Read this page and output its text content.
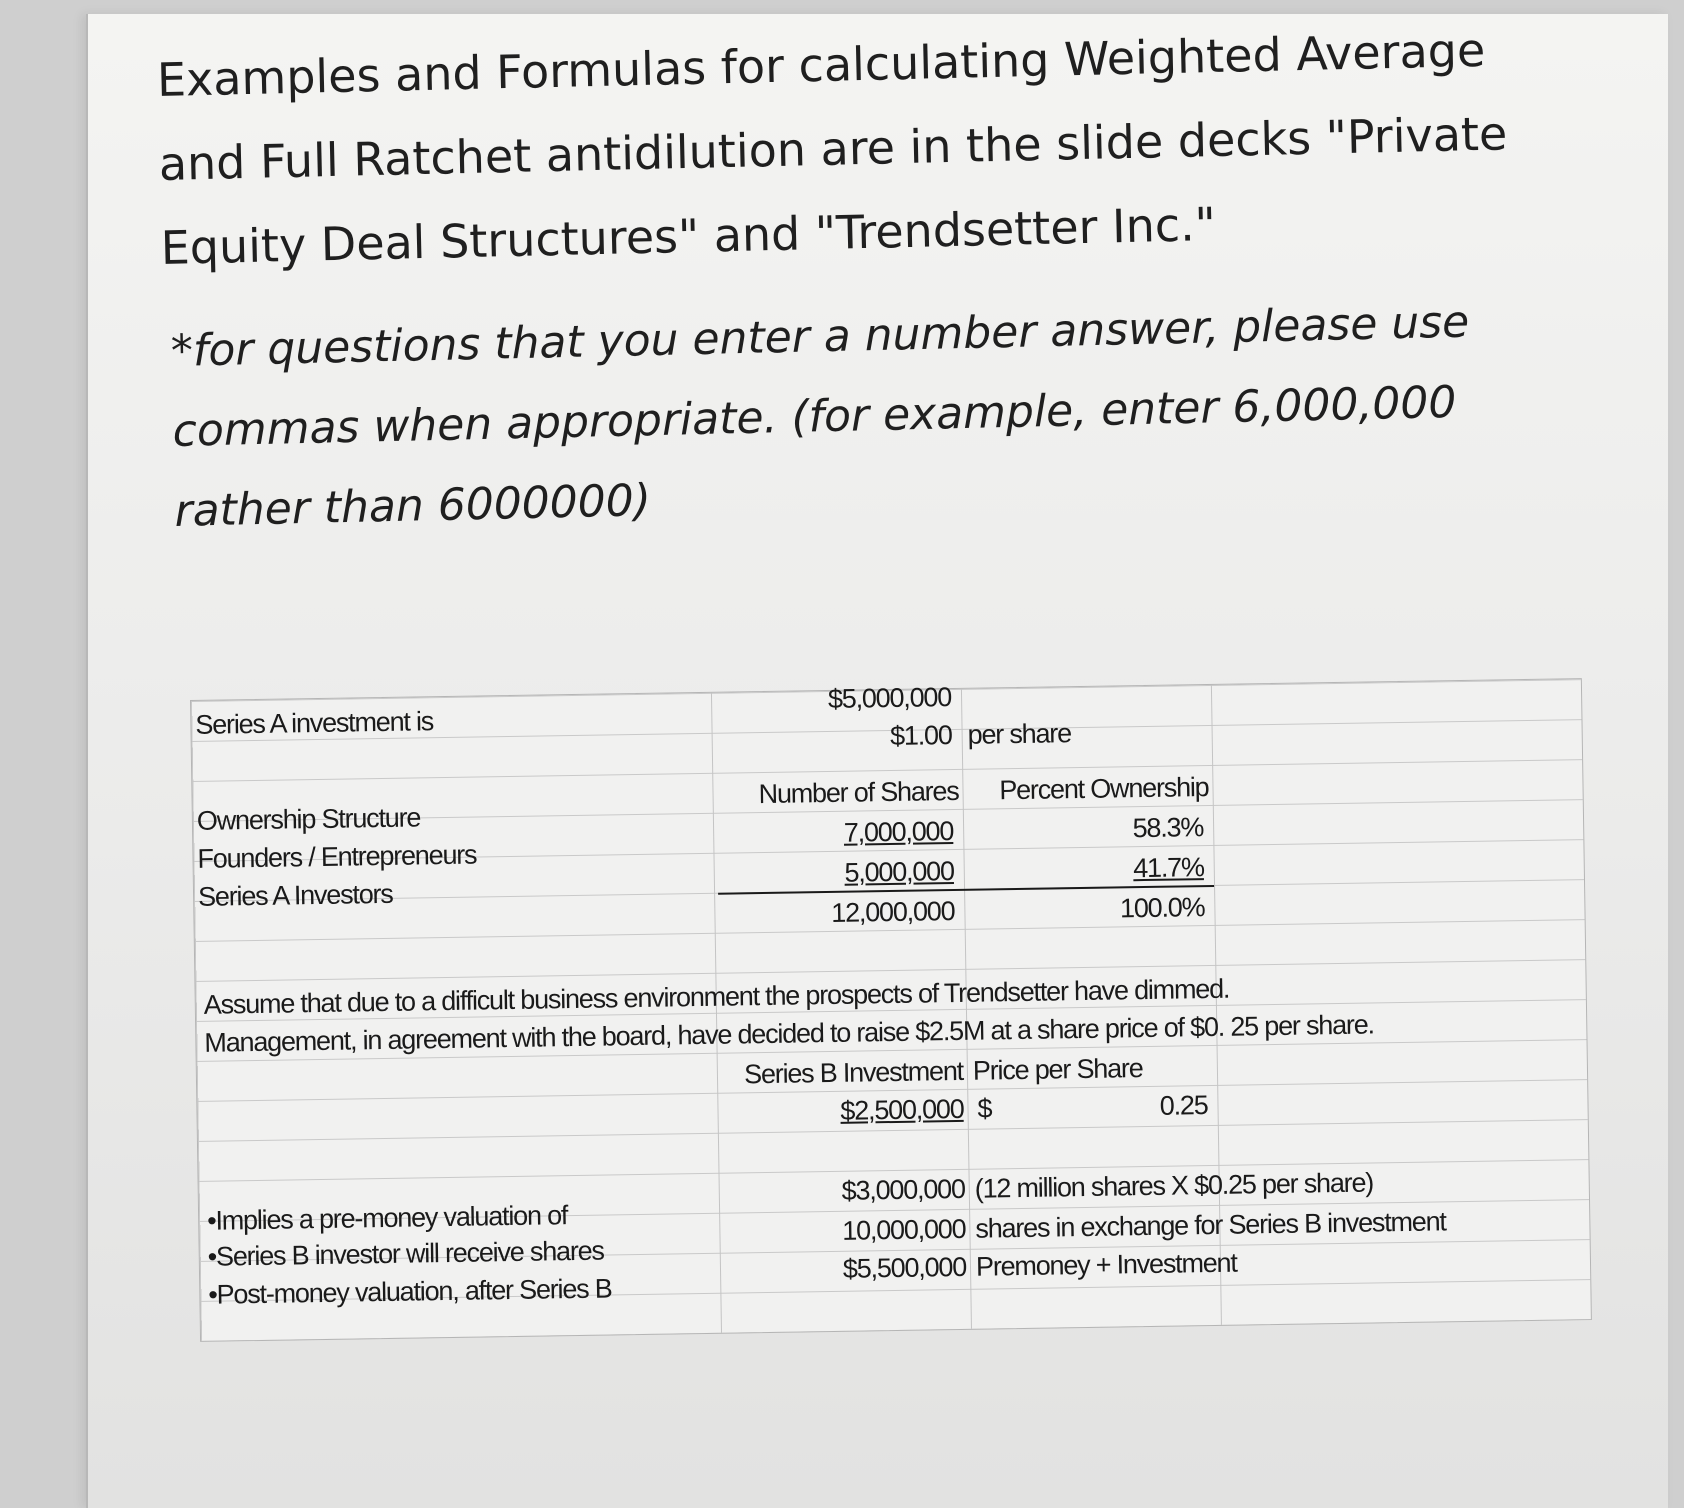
Examples and Formulas for calculating Weighted Average and Full Ratchet antidilution are in the slide decks "Private Equity Deal Structures" and "Trendsetter Inc."

*for questions that you enter a number answer, please use commas when appropriate. (for example, enter 6,000,000 rather than 6000000)

Series A investment is
$5,000,000
$1.00 per share
Ownership Structure
Number of Shares	Percent Ownership
Founders / Entrepreneurs
7,000,000	58.3%
Series A Investors
5,000,000	41.7%
12,000,000	100.0%
Assume that due to a difficult business environment the prospects of Trendsetter have dimmed.
Management, in agreement with the board, have decided to raise $2.5M at a share price of $0. 25 per share.
Series B Investment Price per Share
$2,500,000 $	0.25
•Implies a pre-money valuation of
$3,000,000 (12 million shares X $0.25 per share)
•Series B investor will receive shares
10,000,000 shares in exchange for Series B investment
•Post-money valuation, after Series B
$5,500,000 Premoney + Investment
